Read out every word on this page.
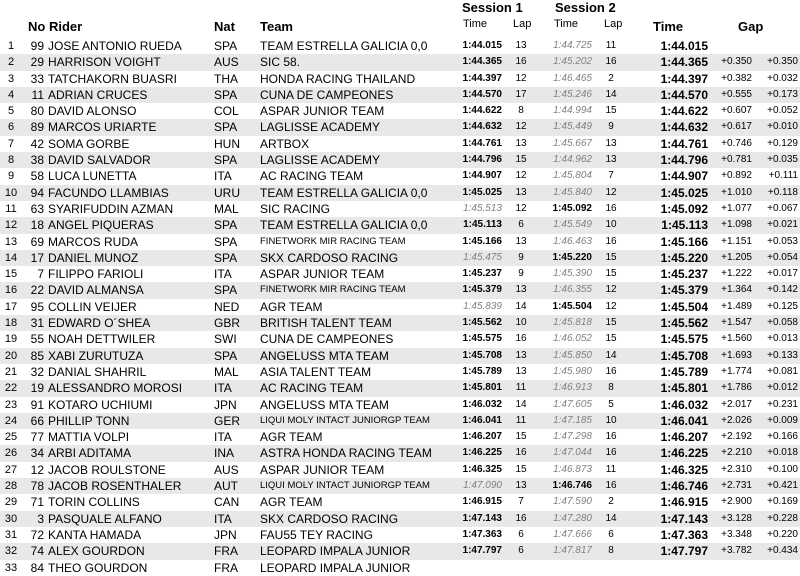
No Rider	Nat Team
Session 1 Session 2
Time Lap Time Lap Time	Gap
1	99 JOSE ANTONIO RUEDA	SPA TEAM ESTRELLA GALICIA 0,0	1:44.015	13	1:44.725	11	1:44.015
2	29 HARRISON VOIGHT	AUS SIC 58.	1:44.365	16	1:45.202	16	1:44.365	+0.350	+0.350
3	33 TATCHAKORN BUASRI	THA HONDA RACING THAILAND	1:44.397	12	1:46.465	2	1:44.397	+0.382	+0.032
4	11 ADRIAN CRUCES	SPA CUNA DE CAMPEONES	1:44.570	17	1:45.246	14	1:44.570	+0.555	+0.173
5	80 DAVID ALONSO	COL ASPAR JUNIOR TEAM	1:44.622	8	1:44.994	15	1:44.622	+0.607	+0.052
6	89 MARCOS URIARTE	SPA LAGLISSE ACADEMY	1:44.632	12	1:45.449	9	1:44.632	+0.617	+0.010
7	42 SOMA GORBE	HUN ARTBOX	1:44.761	13	1:45.667	13	1:44.761	+0.746	+0.129
8	38 DAVID SALVADOR	SPA LAGLISSE ACADEMY	1:44.796	15	1:44.962	13	1:44.796	+0.781	+0.035
9	58 LUCA LUNETTA	ITA AC RACING TEAM	1:44.907	12	1:45.804	7	1:44.907	+0.892	+0.111
10	94 FACUNDO LLAMBIAS	URU TEAM ESTRELLA GALICIA 0,0	1:45.025	13	1:45.840	12	1:45.025	+1.010	+0.118
11	63 SYARIFUDDIN AZMAN	MAL SIC RACING	1:45.513	12	1:45.092	16	1:45.092	+1.077	+0.067
12	18 ANGEL PIQUERAS	SPA TEAM ESTRELLA GALICIA 0,0	1:45.113	6	1:45.549	10	1:45.113	+1.098	+0.021
13	69 MARCOS RUDA	SPA FINETWORK MIR RACING TEAM	1:45.166	13	1:46.463	16	1:45.166	+1.151	+0.053
14	17 DANIEL MUNOZ	SPA SKX CARDOSO RACING	1:45.475	9	1:45.220	15	1:45.220	+1.205	+0.054
15	7 FILIPPO FARIOLI	ITA ASPAR JUNIOR TEAM	1:45.237	9	1:45.390	15	1:45.237	+1.222	+0.017
16	22 DAVID ALMANSA	SPA FINETWORK MIR RACING TEAM	1:45.379	13	1:46.355	12	1:45.379	+1.364	+0.142
17	95 COLLIN VEIJER	NED AGR TEAM	1:45.839	14	1:45.504	12	1:45.504	+1.489	+0.125
18	31 EDWARD O´SHEA	GBR BRITISH TALENT TEAM	1:45.562	10	1:45.818	15	1:45.562	+1.547	+0.058
19	55 NOAH DETTWILER	SWI CUNA DE CAMPEONES	1:45.575	16	1:46.052	15	1:45.575	+1.560	+0.013
20	85 XABI ZURUTUZA	SPA ANGELUSS MTA TEAM	1:45.708	13	1:45.850	14	1:45.708	+1.693	+0.133
21	32 DANIAL SHAHRIL	MAL ASIA TALENT TEAM	1:45.789	13	1:45.980	16	1:45.789	+1.774	+0.081
22	19 ALESSANDRO MOROSI	ITA AC RACING TEAM	1:45.801	11	1:46.913	8	1:45.801	+1.786	+0.012
23	91 KOTARO UCHIUMI	JPN ANGELUSS MTA TEAM	1:46.032	14	1:47.605	5	1:46.032	+2.017	+0.231
24	66 PHILLIP TONN	GER LIQUI MOLY INTACT JUNIORGP TEAM	1:46.041	11	1:47.185	10	1:46.041	+2.026	+0.009
25	77 MATTIA VOLPI	ITA AGR TEAM	1:46.207	15	1:47.298	16	1:46.207	+2.192	+0.166
26	34 ARBI ADITAMA	INA ASTRA HONDA RACING TEAM	1:46.225	16	1:47.044	16	1:46.225	+2.210	+0.018
27	12 JACOB ROULSTONE	AUS ASPAR JUNIOR TEAM	1:46.325	15	1:46.873	11	1:46.325	+2.310	+0.100
28	78 JACOB ROSENTHALER	AUT LIQUI MOLY INTACT JUNIORGP TEAM	1:47.090	13	1:46.746	16	1:46.746	+2.731	+0.421
29	71 TORIN COLLINS	CAN AGR TEAM	1:46.915	7	1:47.590	2	1:46.915	+2.900	+0.169
30	3 PASQUALE ALFANO	ITA SKX CARDOSO RACING	1:47.143	16	1:47.280	14	1:47.143	+3.128	+0.228
31	72 KANTA HAMADA	JPN FAU55 TEY RACING	1:47.363	6	1:47.666	6	1:47.363	+3.348	+0.220
32	74 ALEX GOURDON	FRA LEOPARD IMPALA JUNIOR	1:47.797	6	1:47.817	8	1:47.797	+3.782	+0.434
33	84 THEO GOURDON	FRA LEOPARD IMPALA JUNIOR
